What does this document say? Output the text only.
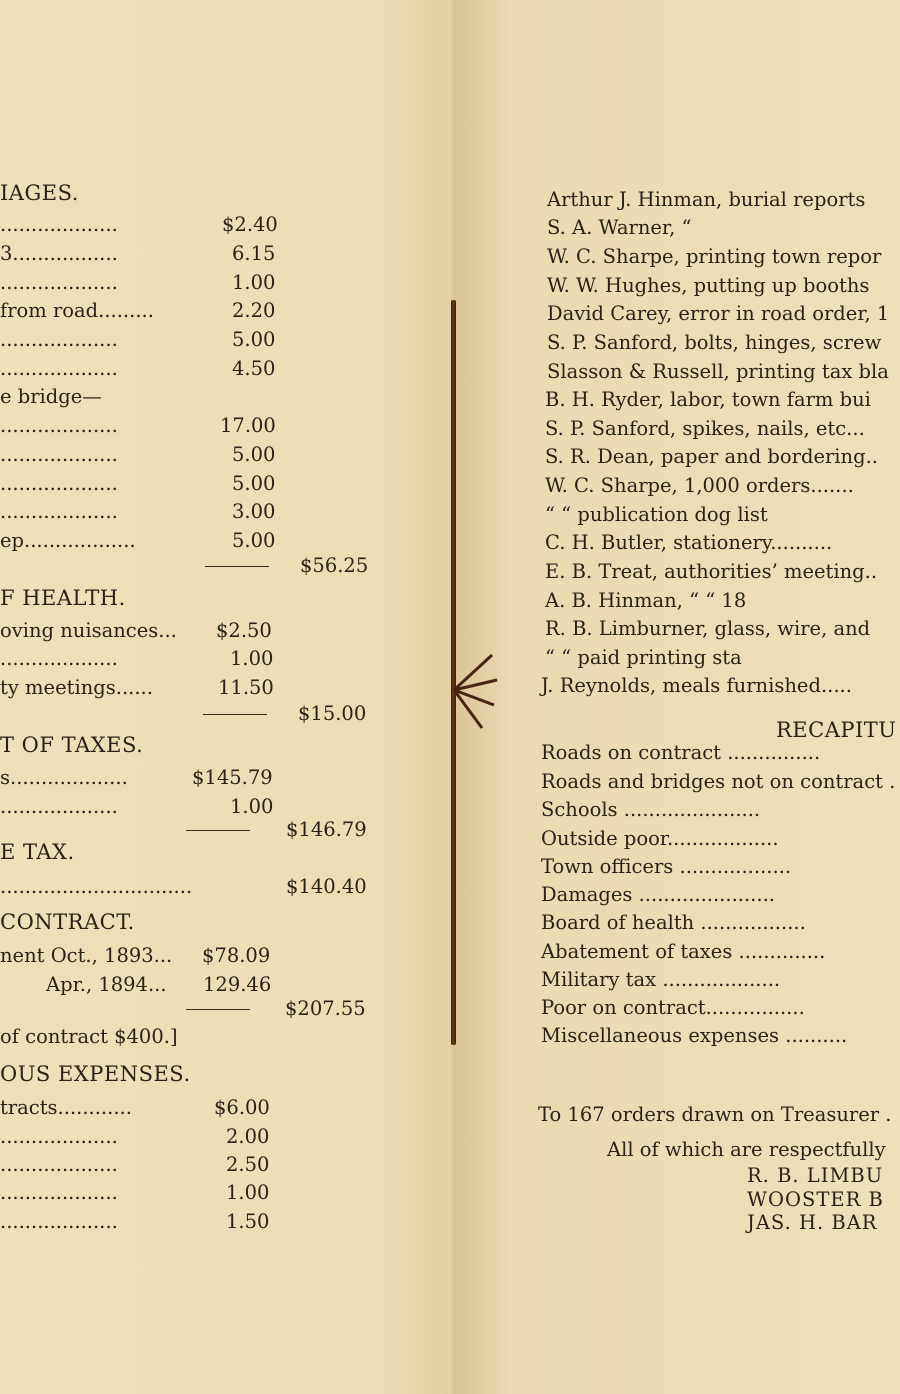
IAGES.
...................	$2.40
3.................	6.15
...................	1.00
from road.........	2.20
...................	5.00
...................	4.50
e bridge—
...................	17.00
...................	5.00
...................	5.00
...................	3.00
ep..................	5.00
$56.25
F HEALTH.
oving nuisances... $2.50
...................	1.00
ty meetings......	11.50
$15.00
T OF TAXES.
s...................	$145.79
...................	1.00
$146.79
E TAX.
...............................	$140.40
CONTRACT.
nent Oct., 1893... $78.09
Apr., 1894... 129.46
$207.55
of contract $400.]
OUS EXPENSES.
tracts............	$6.00
...................	2.00
...................	2.50
...................	1.00
...................	1.50
Arthur J. Hinman, burial reports
S. A. Warner, “
W. C. Sharpe, printing town repor
W. W. Hughes, putting up booths
David Carey, error in road order, 1
S. P. Sanford, bolts, hinges, screw
Slasson & Russell, printing tax bla
B. H. Ryder, labor, town farm bui
S. P. Sanford, spikes, nails, etc...
S. R. Dean, paper and bordering..
W. C. Sharpe, 1,000 orders.......
“ “ publication dog list
C. H. Butler, stationery..........
E. B. Treat, authorities’ meeting..
A. B. Hinman, “ “ 18
R. B. Limburner, glass, wire, and
“ “ paid printing sta
J. Reynolds, meals furnished.....
RECAPITU
Roads on contract ...............
Roads and bridges not on contract .
Schools ......................
Outside poor..................
Town officers ..................
Damages ......................
Board of health .................
Abatement of taxes ..............
Military tax ...................
Poor on contract................
Miscellaneous expenses ..........
To 167 orders drawn on Treasurer .
All of which are respectfully
R. B. LIMBU
WOOSTER B
JAS. H. BAR
